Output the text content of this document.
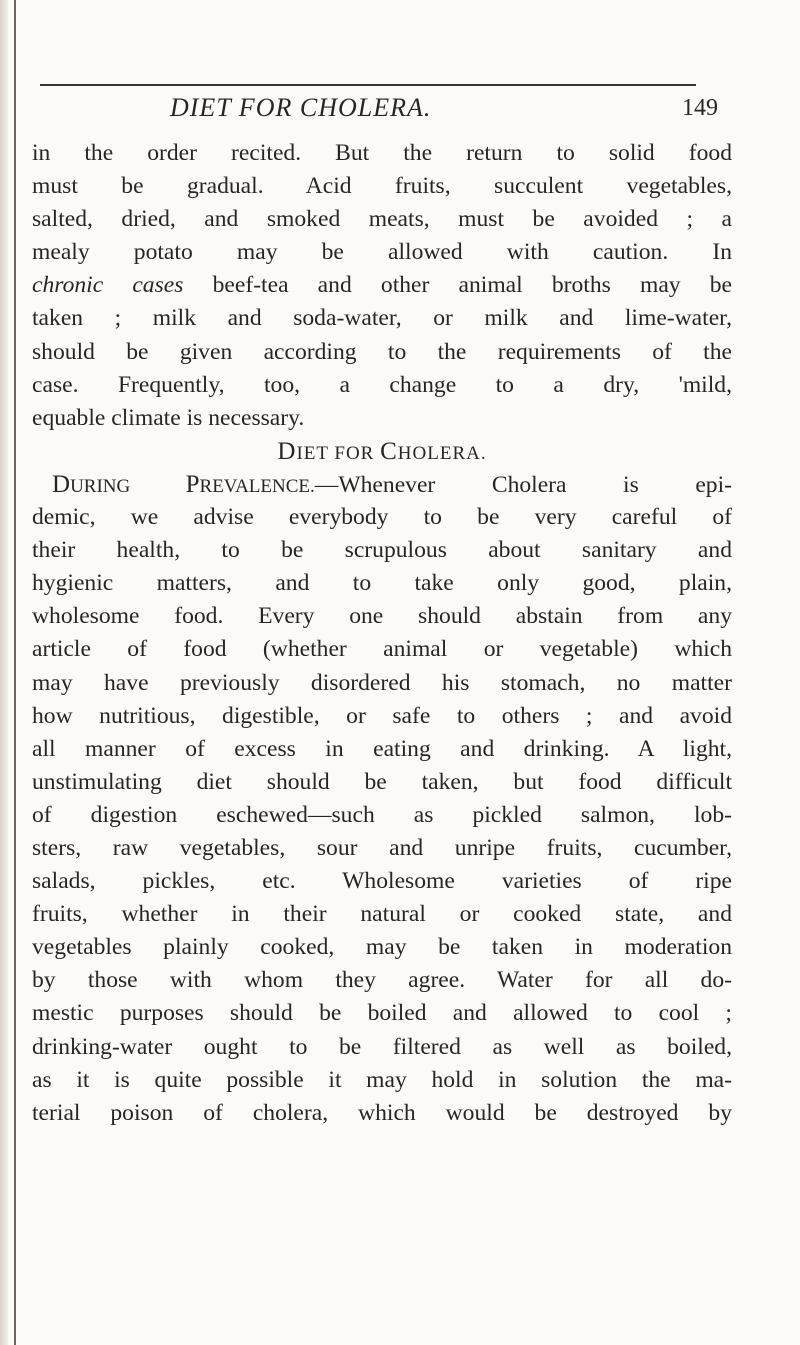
DIET FOR CHOLERA.	149
in the order recited. But the return to solid food
must be gradual. Acid fruits, succulent vegetables,
salted, dried, and smoked meats, must be avoided ; a
mealy potato may be allowed with caution. In
chronic cases beef-tea and other animal broths may be
taken ; milk and soda-water, or milk and lime-water,
should be given according to the requirements of the
case. Frequently, too, a change to a dry, 'mild,
equable climate is necessary.
DIET FOR CHOLERA.
DURING PREVALENCE.—Whenever Cholera is epi-
demic, we advise everybody to be very careful of
their health, to be scrupulous about sanitary and
hygienic matters, and to take only good, plain,
wholesome food. Every one should abstain from any
article of food (whether animal or vegetable) which
may have previously disordered his stomach, no matter
how nutritious, digestible, or safe to others ; and avoid
all manner of excess in eating and drinking. A light,
unstimulating diet should be taken, but food difficult
of digestion eschewed—such as pickled salmon, lob-
sters, raw vegetables, sour and unripe fruits, cucumber,
salads, pickles, etc. Wholesome varieties of ripe
fruits, whether in their natural or cooked state, and
vegetables plainly cooked, may be taken in moderation
by those with whom they agree. Water for all do-
mestic purposes should be boiled and allowed to cool ;
drinking-water ought to be filtered as well as boiled,
as it is quite possible it may hold in solution the ma-
terial poison of cholera, which would be destroyed by
